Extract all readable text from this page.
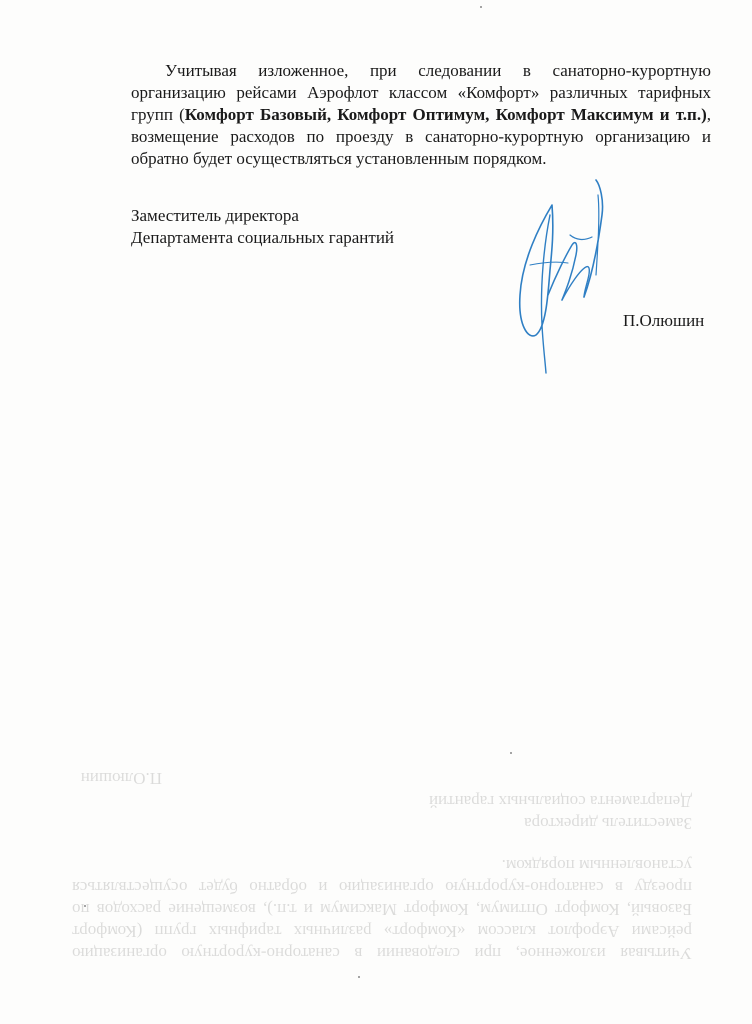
Учитывая изложенное, при следовании в санаторно-курортную организацию рейсами Аэрофлот классом «Комфорт» различных тарифных групп (Комфорт Базовый, Комфорт Оптимум, Комфорт Максимум и т.п.), возмещение расходов по проезду в санаторно-курортную организацию и обратно будет осуществляться установленным порядком.

Заместитель директора
Департамента социальных гарантий
П.Олюшин

Учитывая изложенное, при следовании в санаторно-курортную организацию рейсами Аэрофлот классом «Комфорт» различных тарифных групп (Комфорт Базовый, Комфорт Оптимум, Комфорт Максимум и т.п.), возмещение расходов по проезду в санаторно-курортную организацию и обратно будет осуществляться установленным порядком.

Заместитель директора
Департамента социальных гарантий
П.Олюшин
